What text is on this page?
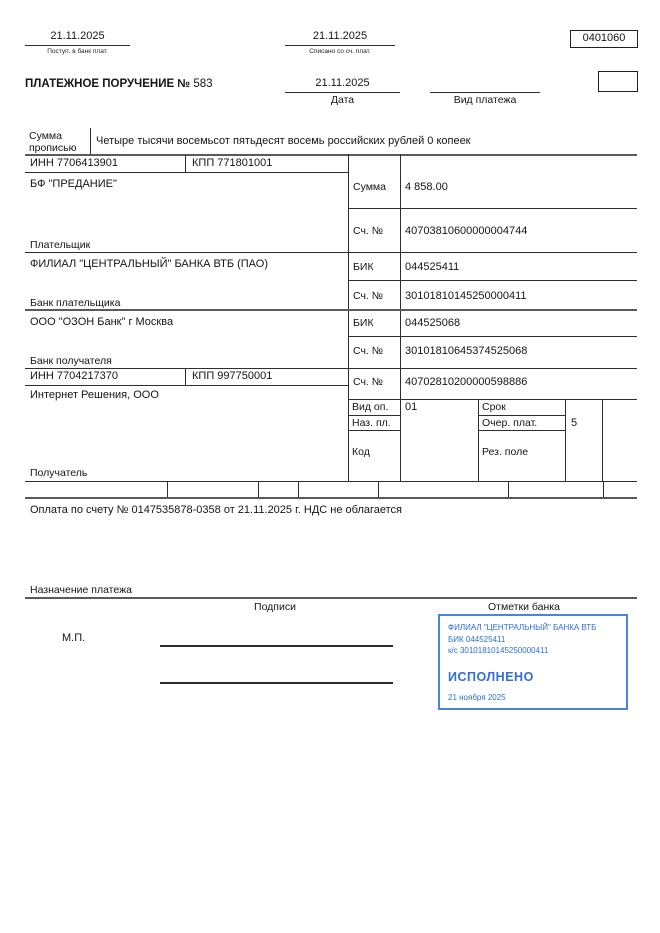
21.11.2025
Поступ. в банк плат.
21.11.2025
Списано со сч. плат.
0401060
ПЛАТЕЖНОЕ ПОРУЧЕНИЕ № 583	21.11.2025
Дата	Вид платежа
Сумма прописью
Четыре тысячи восемьсот пятьдесят восемь российских рублей 0 копеек
ИНН 7706413901	КПП 771801001
БФ "ПРЕДАНИЕ"
Плательщик
Сумма 4 858.00
Сч. № 40703810600000004744
ФИЛИАЛ "ЦЕНТРАЛЬНЫЙ" БАНКА ВТБ (ПАО)
Банк плательщика
БИК	044525411
Сч. № 30101810145250000411
ООО "ОЗОН Банк" г Москва
Банк получателя
БИК	044525068
Сч. № 30101810645374525068
ИНН 7704217370	КПП 997750001
Интернет Решения, ООО
Получатель
Сч. № 40702810200000598886
Вид оп. 01	Срок
Наз. пл.	Очер. плат.	5
Код	Рез. поле
Оплата по счету № 0147535878-0358 от 21.11.2025 г. НДС не облагается
Назначение платежа
Подписи	Отметки банка
М.П.
ФИЛИАЛ "ЦЕНТРАЛЬНЫЙ" БАНКА ВТБ
БИК 044525411
к/с 30101810145250000411
ИСПОЛНЕНО
21 ноября 2025
